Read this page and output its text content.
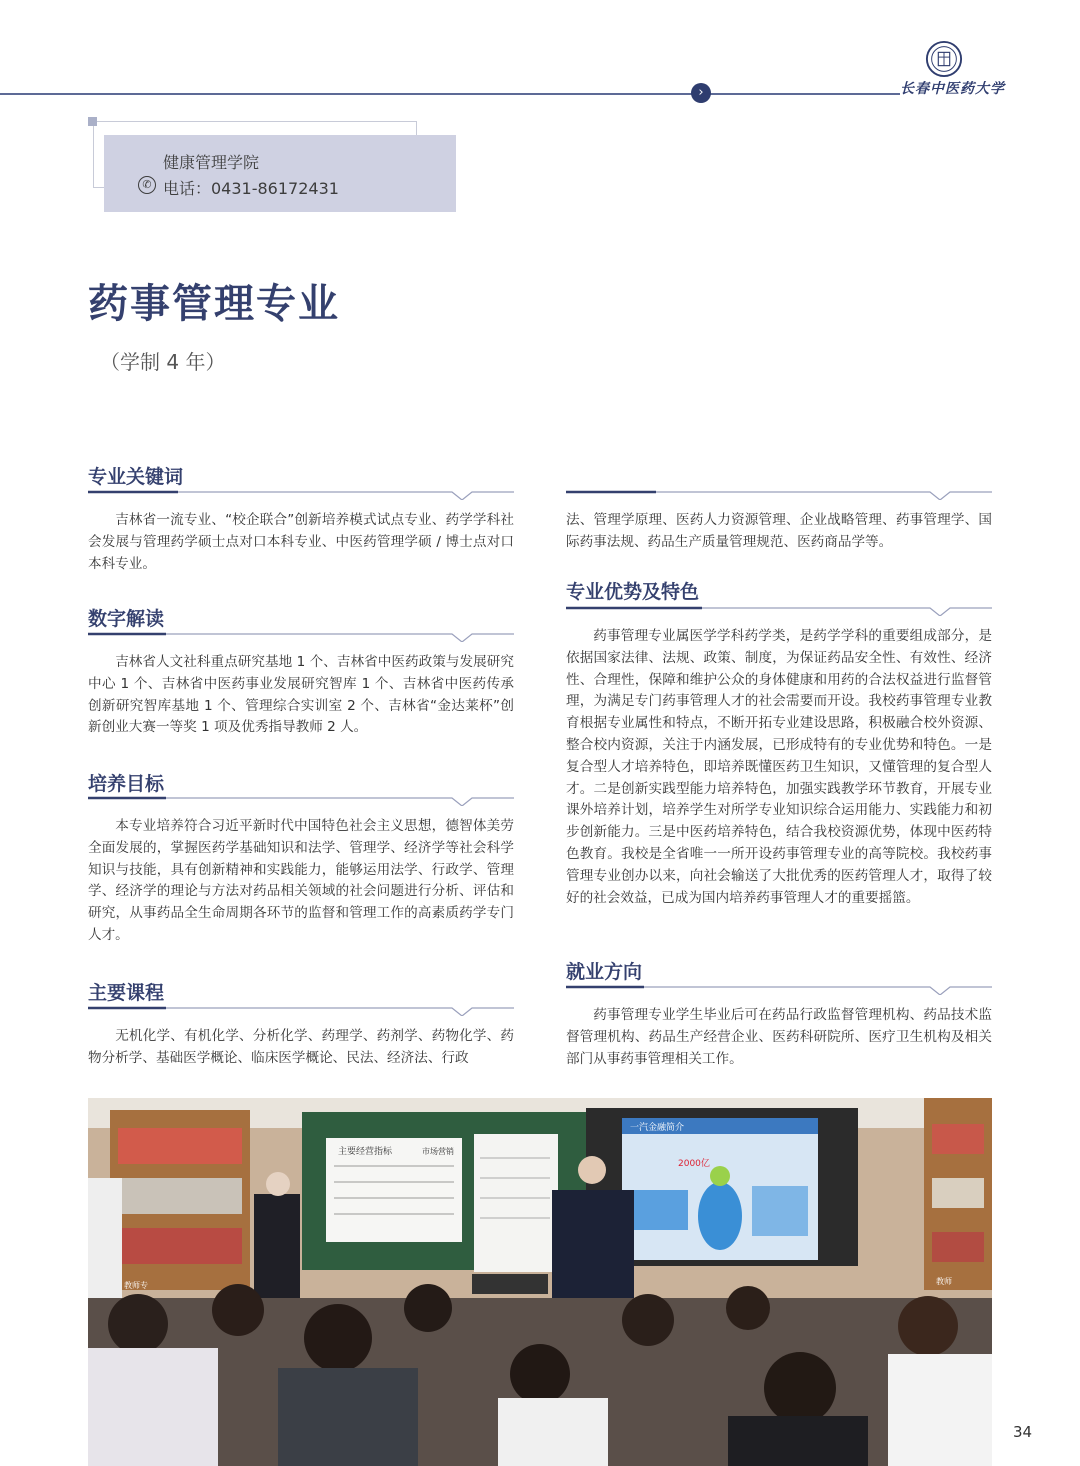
›	长春中医药大学
健康管理学院
✆ 电话：0431-86172431
药事管理专业
（学制 4 年）
专业关键词
吉林省一流专业、“校企联合”创新培养模式试点专业、药学学科社会发展与管理药学硕士点对口本科专业、中医药管理学硕 / 博士点对口本科专业。
数字解读
吉林省人文社科重点研究基地 1 个、吉林省中医药政策与发展研究中心 1 个、吉林省中医药事业发展研究智库 1 个、吉林省中医药传承创新研究智库基地 1 个、管理综合实训室 2 个、吉林省“金达莱杯”创新创业大赛一等奖 1 项及优秀指导教师 2 人。
培养目标
本专业培养符合习近平新时代中国特色社会主义思想，德智体美劳全面发展的，掌握医药学基础知识和法学、管理学、经济学等社会科学知识与技能，具有创新精神和实践能力，能够运用法学、行政学、管理学、经济学的理论与方法对药品相关领域的社会问题进行分析、评估和研究，从事药品全生命周期各环节的监督和管理工作的高素质药学专门人才。
主要课程
无机化学、有机化学、分析化学、药理学、药剂学、药物化学、药物分析学、基础医学概论、临床医学概论、民法、经济法、行政
法、管理学原理、医药人力资源管理、企业战略管理、药事管理学、国际药事法规、药品生产质量管理规范、医药商品学等。
专业优势及特色
药事管理专业属医学学科药学类，是药学学科的重要组成部分，是依据国家法律、法规、政策、制度，为保证药品安全性、有效性、经济性、合理性，保障和维护公众的身体健康和用药的合法权益进行监督管理，为满足专门药事管理人才的社会需要而开设。我校药事管理专业教育根据专业属性和特点，不断开拓专业建设思路，积极融合校外资源、整合校内资源，关注于内涵发展，已形成特有的专业优势和特色。一是复合型人才培养特色，即培养既懂医药卫生知识，又懂管理的复合型人才。二是创新实践型能力培养特色，加强实践教学环节教育，开展专业课外培养计划，培养学生对所学专业知识综合运用能力、实践能力和初步创新能力。三是中医药培养特色，结合我校资源优势，体现中医药特色教育。我校是全省唯一一所开设药事管理专业的高等院校。我校药事管理专业创办以来，向社会输送了大批优秀的医药管理人才，取得了较好的社会效益，已成为国内培养药事管理人才的重要摇篮。
就业方向
药事管理专业学生毕业后可在药品行政监督管理机构、药品技术监督管理机构、药品生产经营企业、医药科研院所、医疗卫生机构及相关部门从事药事管理相关工作。
教师专
主要经营指标	市场营销
一汽金融简介
2000亿
教师
34
